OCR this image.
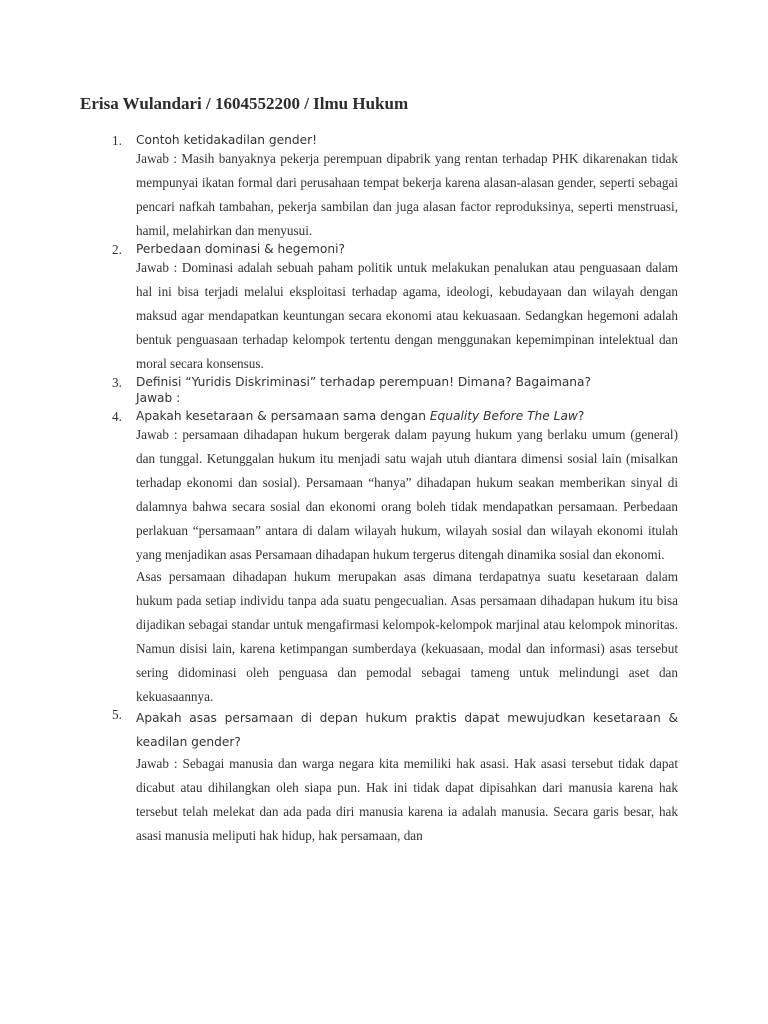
Erisa Wulandari / 1604552200 / Ilmu Hukum
1. Contoh ketidakadilan gender!
Jawab : Masih banyaknya pekerja perempuan dipabrik yang rentan terhadap PHK dikarenakan tidak mempunyai ikatan formal dari perusahaan tempat bekerja karena alasan-alasan gender, seperti sebagai pencari nafkah tambahan, pekerja sambilan dan juga alasan factor reproduksinya, seperti menstruasi, hamil, melahirkan dan menyusui.
2. Perbedaan dominasi & hegemoni?
Jawab : Dominasi adalah sebuah paham politik untuk melakukan penalukan atau penguasaan dalam hal ini bisa terjadi melalui eksploitasi terhadap agama, ideologi, kebudayaan dan wilayah dengan maksud agar mendapatkan keuntungan secara ekonomi atau kekuasaan. Sedangkan hegemoni adalah bentuk penguasaan terhadap kelompok tertentu dengan menggunakan kepemimpinan intelektual dan moral secara konsensus.
3. Definisi “Yuridis Diskriminasi” terhadap perempuan! Dimana? Bagaimana?
Jawab :
4. Apakah kesetaraan & persamaan sama dengan Equality Before The Law?
Jawab : persamaan dihadapan hukum bergerak dalam payung hukum yang berlaku umum (general) dan tunggal. Ketunggalan hukum itu menjadi satu wajah utuh diantara dimensi sosial lain (misalkan terhadap ekonomi dan sosial). Persamaan “hanya” dihadapan hukum seakan memberikan sinyal di dalamnya bahwa secara sosial dan ekonomi orang boleh tidak mendapatkan persamaan. Perbedaan perlakuan “persamaan” antara di dalam wilayah hukum, wilayah sosial dan wilayah ekonomi itulah yang menjadikan asas Persamaan dihadapan hukum tergerus ditengah dinamika sosial dan ekonomi.
Asas persamaan dihadapan hukum merupakan asas dimana terdapatnya suatu kesetaraan dalam hukum pada setiap individu tanpa ada suatu pengecualian. Asas persamaan dihadapan hukum itu bisa dijadikan sebagai standar untuk mengafirmasi kelompok-kelompok marjinal atau kelompok minoritas. Namun disisi lain, karena ketimpangan sumberdaya (kekuasaan, modal dan informasi) asas tersebut sering didominasi oleh penguasa dan pemodal sebagai tameng untuk melindungi aset dan kekuasaannya.
5. Apakah asas persamaan di depan hukum praktis dapat mewujudkan kesetaraan & keadilan gender?
Jawab : Sebagai manusia dan warga negara kita memiliki hak asasi. Hak asasi tersebut tidak dapat dicabut atau dihilangkan oleh siapa pun. Hak ini tidak dapat dipisahkan dari manusia karena hak tersebut telah melekat dan ada pada diri manusia karena ia adalah manusia. Secara garis besar, hak asasi manusia meliputi hak hidup, hak persamaan, dan
